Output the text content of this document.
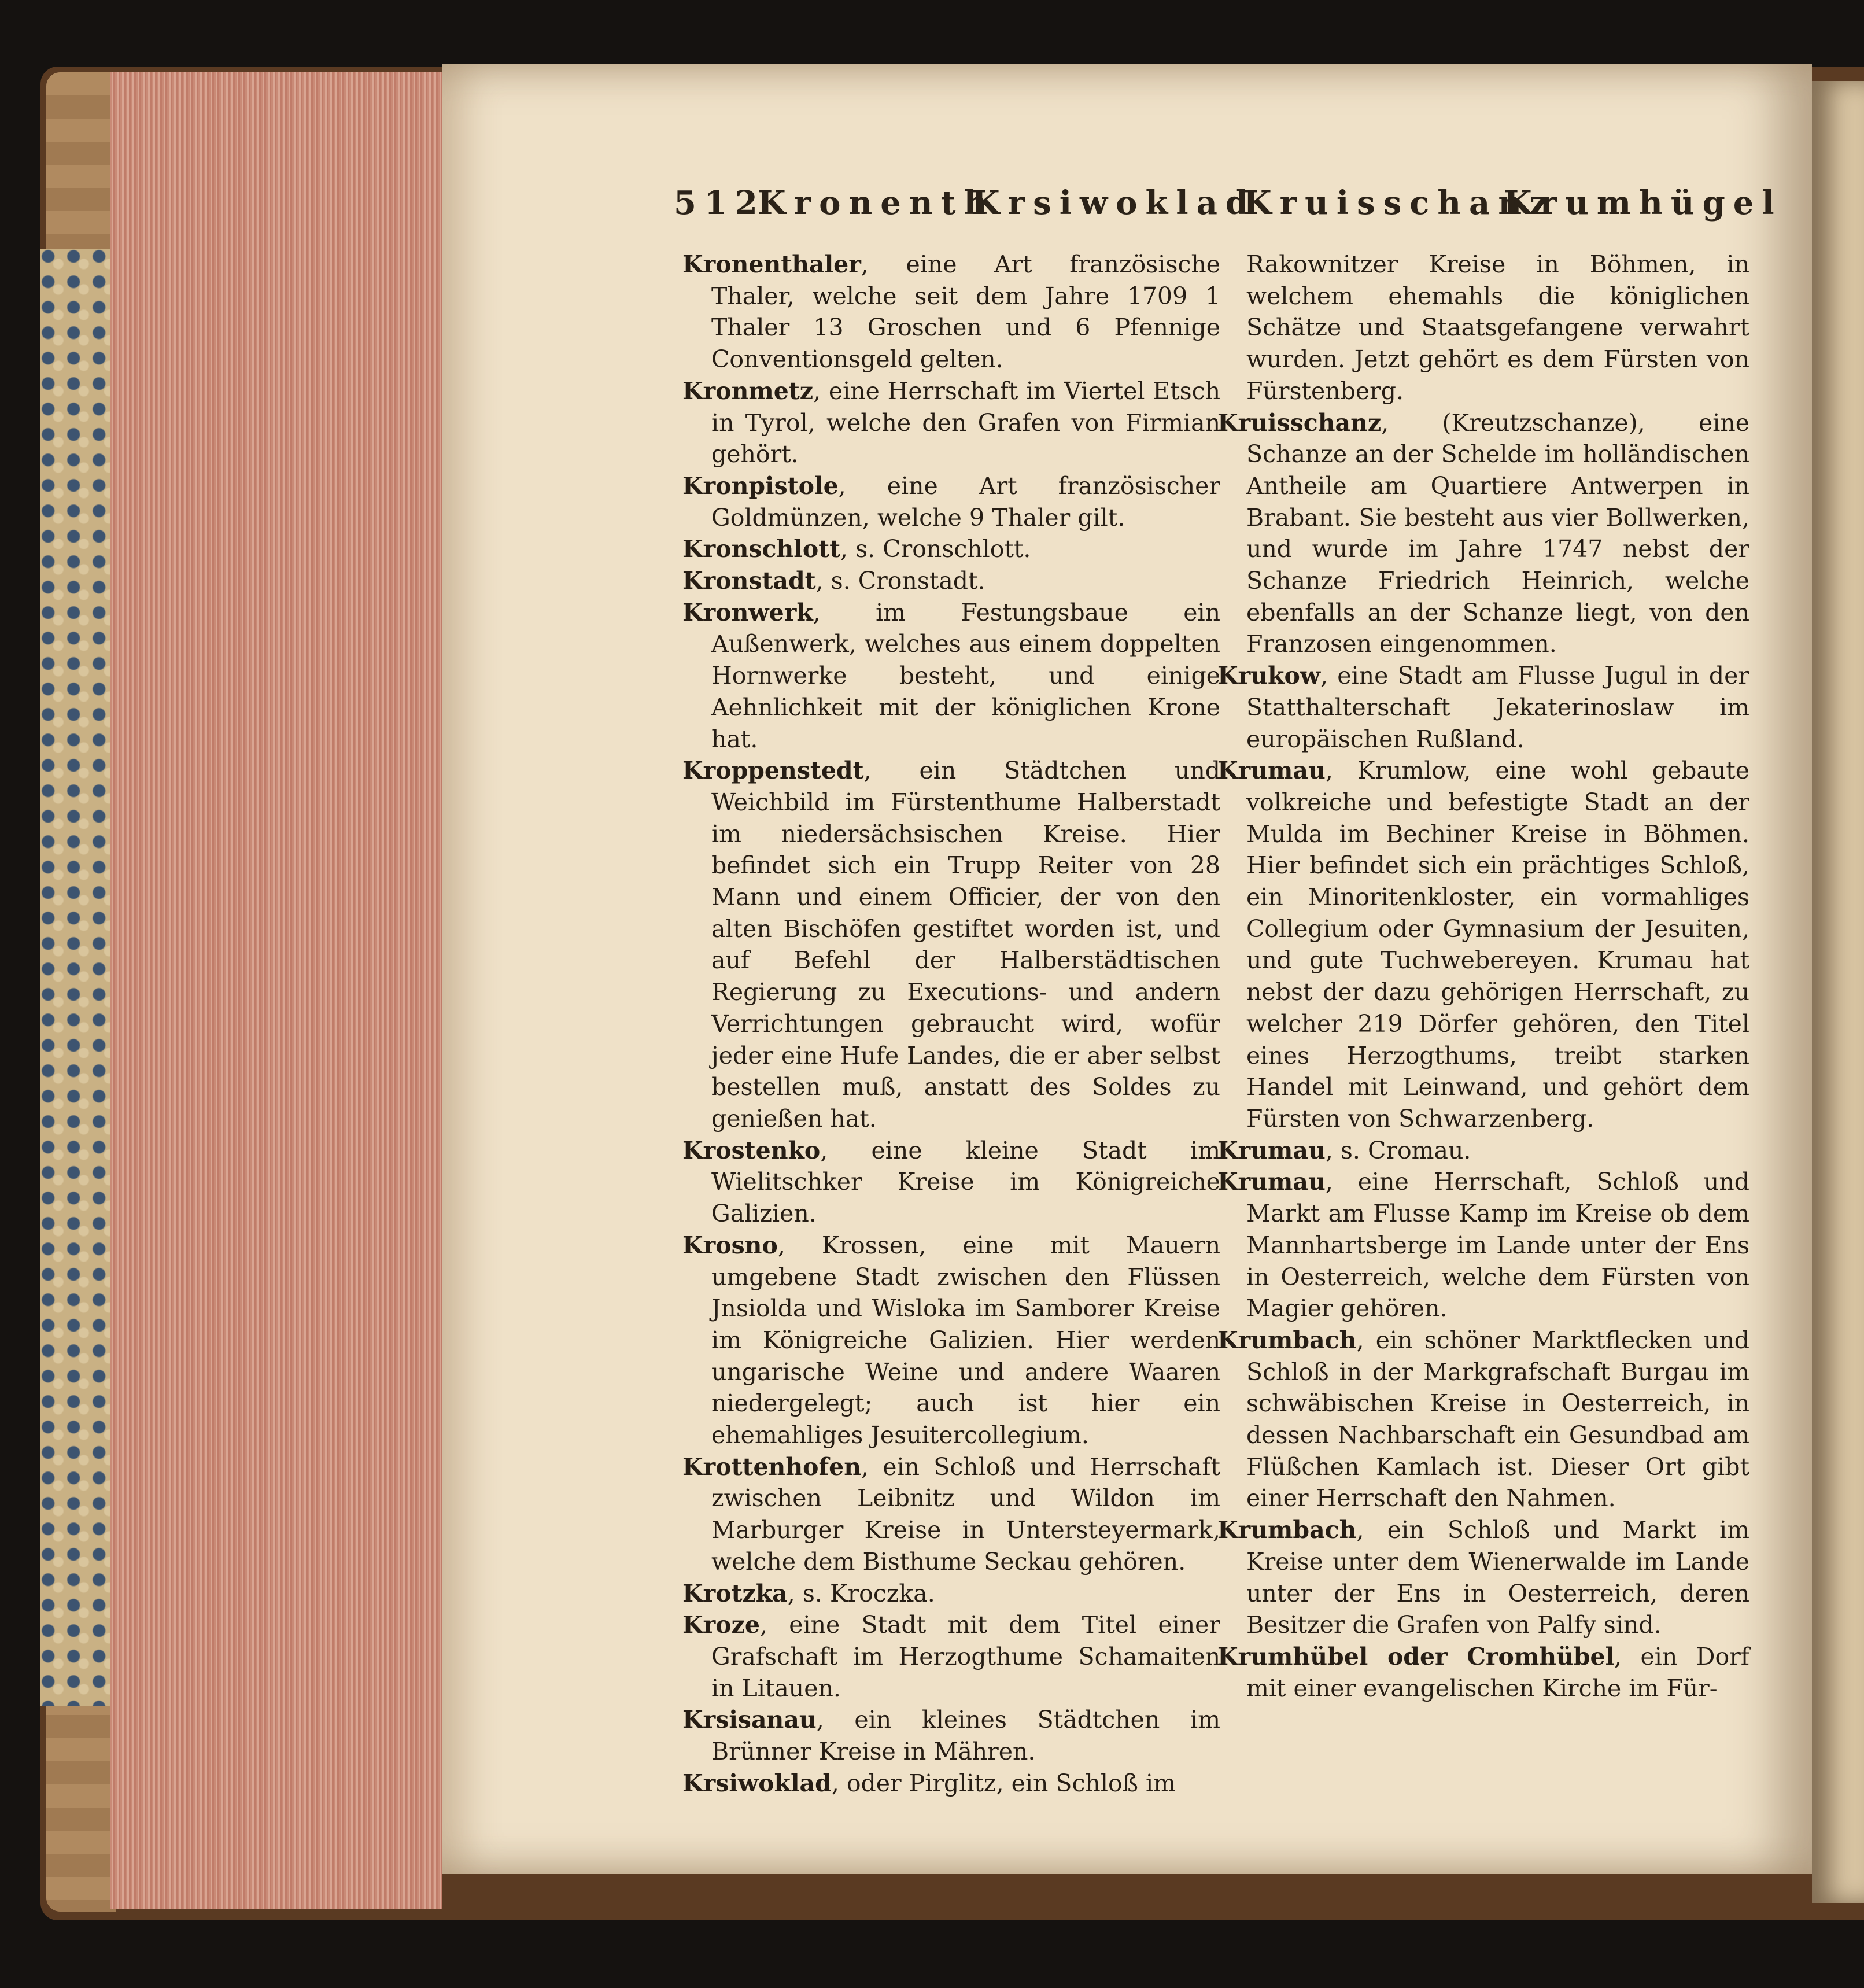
512
Kronenth
Krsiwoklad
Kruisschanz
Krumhügel

Kronenthaler, eine Art französische Thaler, welche seit dem Jahre 1709 1 Thaler 13 Groschen und 6 Pfennige Conventionsgeld gelten.

Kronmetz, eine Herrschaft im Viertel Etsch in Tyrol, welche den Grafen von Firmian gehört.

Kronpistole, eine Art französischer Goldmünzen, welche 9 Thaler gilt.

Kronschlott, s. Cronschlott.

Kronstadt, s. Cronstadt.

Kronwerk, im Festungsbaue ein Außenwerk, welches aus einem doppelten Hornwerke besteht, und einige Aehnlichkeit mit der königlichen Krone hat.

Kroppenstedt, ein Städtchen und Weichbild im Fürstenthume Halberstadt im niedersächsischen Kreise. Hier befindet sich ein Trupp Reiter von 28 Mann und einem Officier, der von den alten Bischöfen gestiftet worden ist, und auf Befehl der Halberstädtischen Regierung zu Executions- und andern Verrichtungen gebraucht wird, wofür jeder eine Hufe Landes, die er aber selbst bestellen muß, anstatt des Soldes zu genießen hat.

Krostenko, eine kleine Stadt im Wielitschker Kreise im Königreiche Galizien.

Krosno, Krossen, eine mit Mauern umgebene Stadt zwischen den Flüssen Jnsiolda und Wisloka im Samborer Kreise im Königreiche Galizien. Hier werden ungarische Weine und andere Waaren niedergelegt; auch ist hier ein ehemahliges Jesuitercollegium.

Krottenhofen, ein Schloß und Herrschaft zwischen Leibnitz und Wildon im Marburger Kreise in Untersteyermark, welche dem Bisthume Seckau gehören.

Krotzka, s. Kroczka.

Kroze, eine Stadt mit dem Titel einer Grafschaft im Herzogthume Schamaiten in Litauen.

Krsisanau, ein kleines Städtchen im Brünner Kreise in Mähren.

Krsiwoklad, oder Pirglitz, ein Schloß im

Rakownitzer Kreise in Böhmen, in welchem ehemahls die königlichen Schätze und Staatsgefangene verwahrt wurden. Jetzt gehört es dem Fürsten von Fürstenberg.

Kruisschanz, (Kreutzschanze), eine Schanze an der Schelde im holländischen Antheile am Quartiere Antwerpen in Brabant. Sie besteht aus vier Bollwerken, und wurde im Jahre 1747 nebst der Schanze Friedrich Heinrich, welche ebenfalls an der Schanze liegt, von den Franzosen eingenommen.

Krukow, eine Stadt am Flusse Jugul in der Statthalterschaft Jekaterinoslaw im europäischen Rußland.

Krumau, Krumlow, eine wohl gebaute volkreiche und befestigte Stadt an der Mulda im Bechiner Kreise in Böhmen. Hier befindet sich ein prächtiges Schloß, ein Minoritenkloster, ein vormahliges Collegium oder Gymnasium der Jesuiten, und gute Tuchwebereyen. Krumau hat nebst der dazu gehörigen Herrschaft, zu welcher 219 Dörfer gehören, den Titel eines Herzogthums, treibt starken Handel mit Leinwand, und gehört dem Fürsten von Schwarzenberg.

Krumau, s. Cromau.

Krumau, eine Herrschaft, Schloß und Markt am Flusse Kamp im Kreise ob dem Mannhartsberge im Lande unter der Ens in Oesterreich, welche dem Fürsten von Magier gehören.

Krumbach, ein schöner Marktflecken und Schloß in der Markgrafschaft Burgau im schwäbischen Kreise in Oesterreich, in dessen Nachbarschaft ein Gesundbad am Flüßchen Kamlach ist. Dieser Ort gibt einer Herrschaft den Nahmen.

Krumbach, ein Schloß und Markt im Kreise unter dem Wienerwalde im Lande unter der Ens in Oesterreich, deren Besitzer die Grafen von Palfy sind.

Krumhübel oder Cromhübel, ein Dorf mit einer evangelischen Kirche im Für-
